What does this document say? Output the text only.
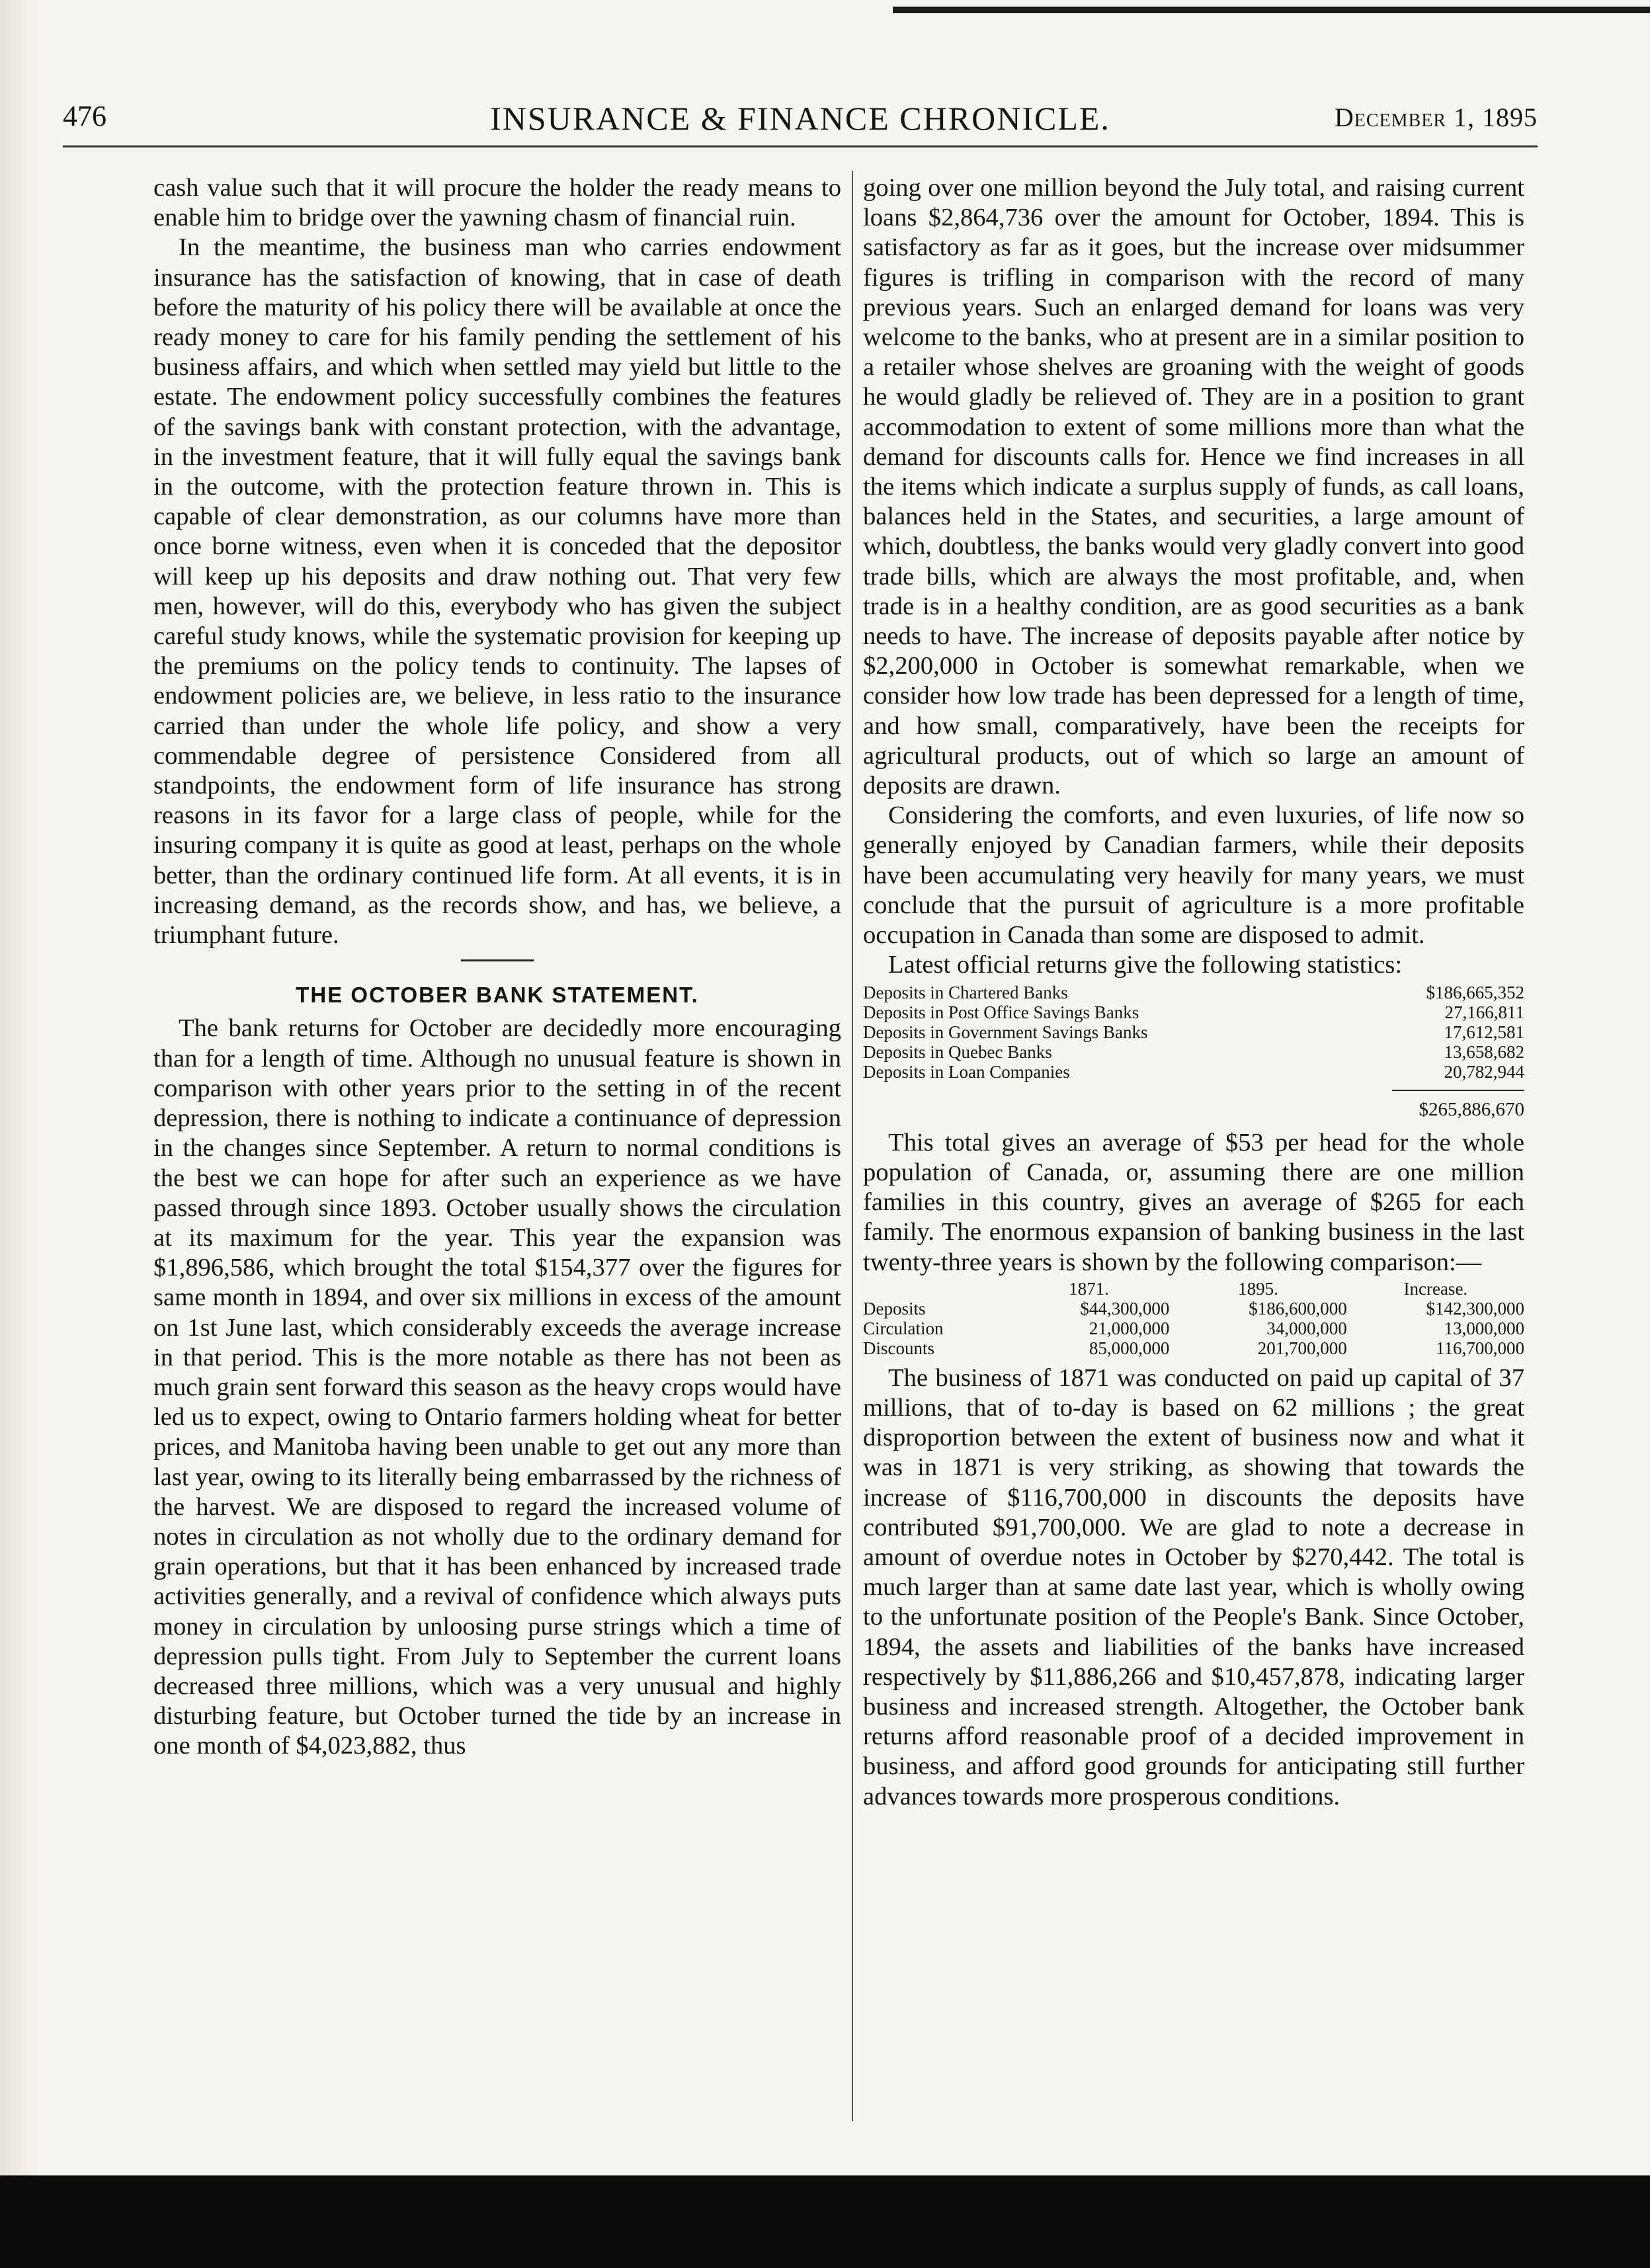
476	INSURANCE & FINANCE CHRONICLE.	December 1, 1895

cash value such that it will procure the holder the ready means to enable him to bridge over the yawning chasm of financial ruin.

In the meantime, the business man who carries endowment insurance has the satisfaction of knowing, that in case of death before the maturity of his policy there will be available at once the ready money to care for his family pending the settlement of his business affairs, and which when settled may yield but little to the estate. The endowment policy successfully combines the features of the savings bank with constant protection, with the advantage, in the investment feature, that it will fully equal the savings bank in the outcome, with the protection feature thrown in. This is capable of clear demonstration, as our columns have more than once borne witness, even when it is conceded that the depositor will keep up his deposits and draw nothing out. That very few men, however, will do this, everybody who has given the subject careful study knows, while the systematic provision for keeping up the premiums on the policy tends to continuity. The lapses of endowment policies are, we believe, in less ratio to the insurance carried than under the whole life policy, and show a very commendable degree of persistence Considered from all standpoints, the endowment form of life insurance has strong reasons in its favor for a large class of people, while for the insuring company it is quite as good at least, perhaps on the whole better, than the ordinary continued life form. At all events, it is in increasing demand, as the records show, and has, we believe, a triumphant future.

THE OCTOBER BANK STATEMENT.

The bank returns for October are decidedly more encouraging than for a length of time. Although no unusual feature is shown in comparison with other years prior to the setting in of the recent depression, there is nothing to indicate a continuance of depression in the changes since September. A return to normal conditions is the best we can hope for after such an experience as we have passed through since 1893. October usually shows the circulation at its maximum for the year. This year the expansion was $1,896,586, which brought the total $154,377 over the figures for same month in 1894, and over six millions in excess of the amount on 1st June last, which considerably exceeds the average increase in that period. This is the more notable as there has not been as much grain sent forward this season as the heavy crops would have led us to expect, owing to Ontario farmers holding wheat for better prices, and Manitoba having been unable to get out any more than last year, owing to its literally being embarrassed by the richness of the harvest. We are disposed to regard the increased volume of notes in circulation as not wholly due to the ordinary demand for grain operations, but that it has been enhanced by increased trade activities generally, and a revival of confidence which always puts money in circulation by unloosing purse strings which a time of depression pulls tight. From July to September the current loans decreased three millions, which was a very unusual and highly disturbing feature, but October turned the tide by an increase in one month of $4,023,882, thus

going over one million beyond the July total, and raising current loans $2,864,736 over the amount for October, 1894. This is satisfactory as far as it goes, but the increase over midsummer figures is trifling in comparison with the record of many previous years. Such an enlarged demand for loans was very welcome to the banks, who at present are in a similar position to a retailer whose shelves are groaning with the weight of goods he would gladly be relieved of. They are in a position to grant accommodation to extent of some millions more than what the demand for discounts calls for. Hence we find increases in all the items which indicate a surplus supply of funds, as call loans, balances held in the States, and securities, a large amount of which, doubtless, the banks would very gladly convert into good trade bills, which are always the most profitable, and, when trade is in a healthy condition, are as good securities as a bank needs to have. The increase of deposits payable after notice by $2,200,000 in October is somewhat remarkable, when we consider how low trade has been depressed for a length of time, and how small, comparatively, have been the receipts for agricultural products, out of which so large an amount of deposits are drawn.

Considering the comforts, and even luxuries, of life now so generally enjoyed by Canadian farmers, while their deposits have been accumulating very heavily for many years, we must conclude that the pursuit of agriculture is a more profitable occupation in Canada than some are disposed to admit.

Latest official returns give the following statistics:

Deposits in Chartered Banks	$186,665,352
Deposits in Post Office Savings Banks	27,166,811
Deposits in Government Savings Banks	17,612,581
Deposits in Quebec Banks	13,658,682
Deposits in Loan Companies	20,782,944
$265,886,670

This total gives an average of $53 per head for the whole population of Canada, or, assuming there are one million families in this country, gives an average of $265 for each family. The enormous expansion of banking business in the last twenty-three years is shown by the following comparison:—

	1871.	1895.	Increase.
Deposits	$44,300,000	$186,600,000	$142,300,000
Circulation	21,000,000	34,000,000	13,000,000
Discounts	85,000,000	201,700,000	116,700,000

The business of 1871 was conducted on paid up capital of 37 millions, that of to-day is based on 62 millions ; the great disproportion between the extent of business now and what it was in 1871 is very striking, as showing that towards the increase of $116,700,000 in discounts the deposits have contributed $91,700,000. We are glad to note a decrease in amount of overdue notes in October by $270,442. The total is much larger than at same date last year, which is wholly owing to the unfortunate position of the People's Bank. Since October, 1894, the assets and liabilities of the banks have increased respectively by $11,886,266 and $10,457,878, indicating larger business and increased strength. Altogether, the October bank returns afford reasonable proof of a decided improvement in business, and afford good grounds for anticipating still further advances towards more prosperous conditions.
